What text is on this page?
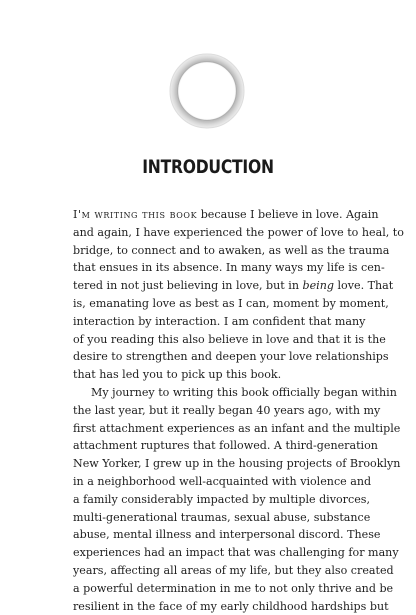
INTRODUCTION
I'm writing this book because I believe in love. Again
and again, I have experienced the power of love to heal, to
bridge, to connect and to awaken, as well as the trauma
that ensues in its absence. In many ways my life is cen-
tered in not just believing in love, but in being love. That
is, emanating love as best as I can, moment by moment,
interaction by interaction. I am confident that many
of you reading this also believe in love and that it is the
desire to strengthen and deepen your love relationships
that has led you to pick up this book.
My journey to writing this book officially began within
the last year, but it really began 40 years ago, with my
first attachment experiences as an infant and the multiple
attachment ruptures that followed. A third-generation
New Yorker, I grew up in the housing projects of Brooklyn
in a neighborhood well-acquainted with violence and
a family considerably impacted by multiple divorces,
multi-generational traumas, sexual abuse, substance
abuse, mental illness and interpersonal discord. These
experiences had an impact that was challenging for many
years, affecting all areas of my life, but they also created
a powerful determination in me to not only thrive and be
resilient in the face of my early childhood hardships but
